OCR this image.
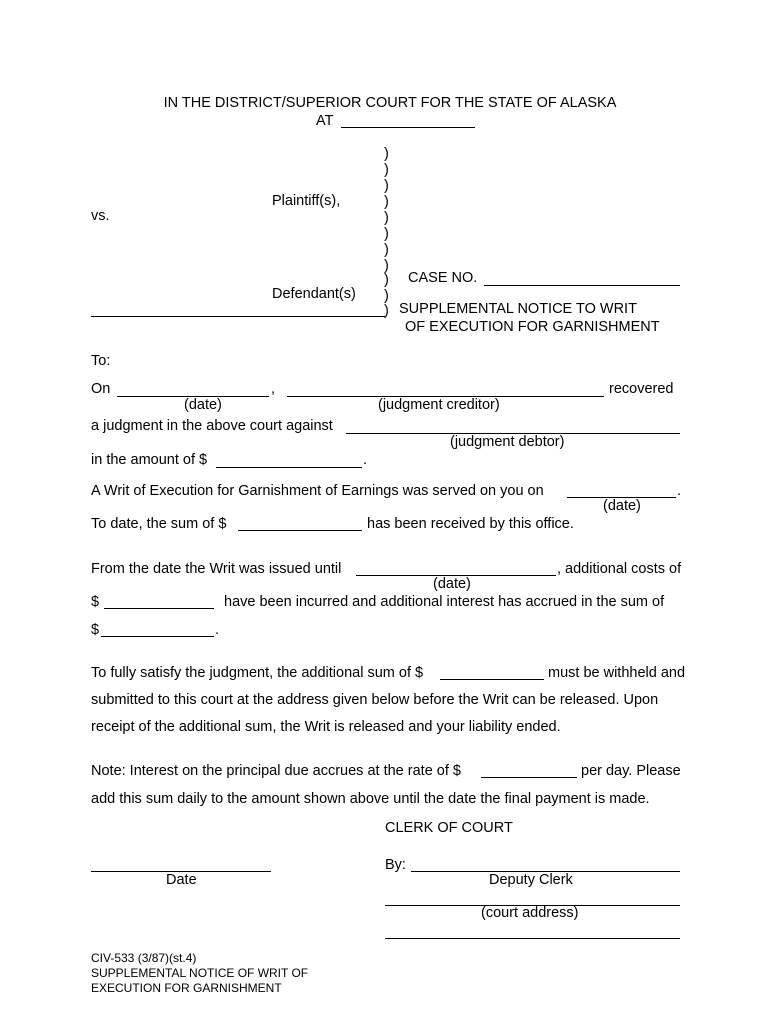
IN THE DISTRICT/SUPERIOR COURT FOR THE STATE OF ALASKA
AT
)
)
)
)
)
)
)
)
)
)
)
Plaintiff(s),
vs.
Defendant(s)
CASE NO.
SUPPLEMENTAL NOTICE TO WRIT
OF EXECUTION FOR GARNISHMENT
To:
On	,	recovered
(date)	(judgment creditor)
a judgment in the above court against
(judgment debtor)
in the amount of $	.
A Writ of Execution for Garnishment of Earnings was served on you on	.
(date)
To date, the sum of $	has been received by this office.
From the date the Writ was issued until	, additional costs of
(date)
$	have been incurred and additional interest has accrued in the sum of
$	.
To fully satisfy the judgment, the additional sum of $	must be withheld and
submitted to this court at the address given below before the Writ can be released. Upon
receipt of the additional sum, the Writ is released and your liability ended.
Note: Interest on the principal due accrues at the rate of $	per day. Please
add this sum daily to the amount shown above until the date the final payment is made.
CLERK OF COURT
By:
Date	Deputy Clerk
(court address)
CIV-533 (3/87)(st.4)
SUPPLEMENTAL NOTICE OF WRIT OF
EXECUTION FOR GARNISHMENT
